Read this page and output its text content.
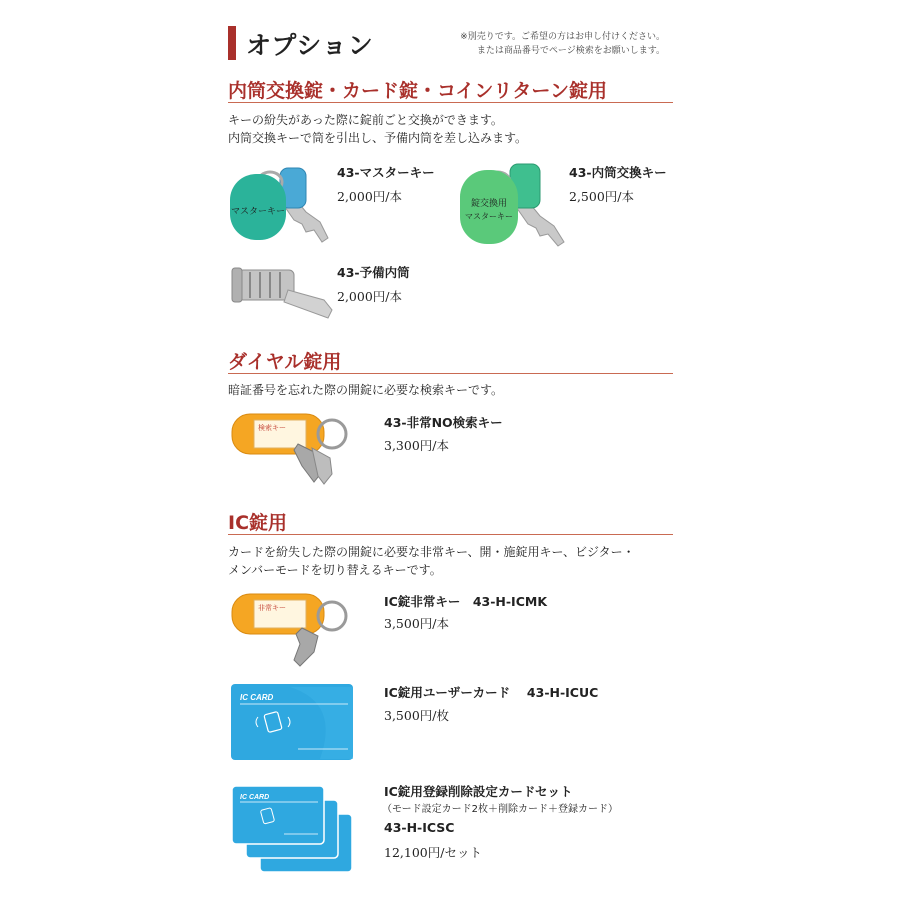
オプション	※別売りです。ご希望の方はお申し付けください。
または商品番号でページ検索をお願いします。
内筒交換錠・カード錠・コインリターン錠用
キーの紛失があった際に錠前ごと交換ができます。
内筒交換キーで筒を引出し、予備内筒を差し込みます。
マスターキー
43-マスターキー
2,000円/本	錠交換用
マスターキー
43-内筒交換キー
2,500円/本
43-予備内筒
2,000円/本
ダイヤル錠用
暗証番号を忘れた際の開錠に必要な検索キーです。
検索キー	43-非常NO検索キー
3,300円/本
IC錠用
カードを紛失した際の開錠に必要な非常キー、開・施錠用キー、ビジター・
メンバーモードを切り替えるキーです。
非常キー	IC錠非常キー　43-H-ICMK
3,500円/本
IC CARD	IC錠用ユーザーカード　 43-H-ICUC
3,500円/枚
IC CARD	IC錠用登録削除設定カードセット
（モード設定カード2枚＋削除カード＋登録カード）
43-H-ICSC
12,100円/セット
